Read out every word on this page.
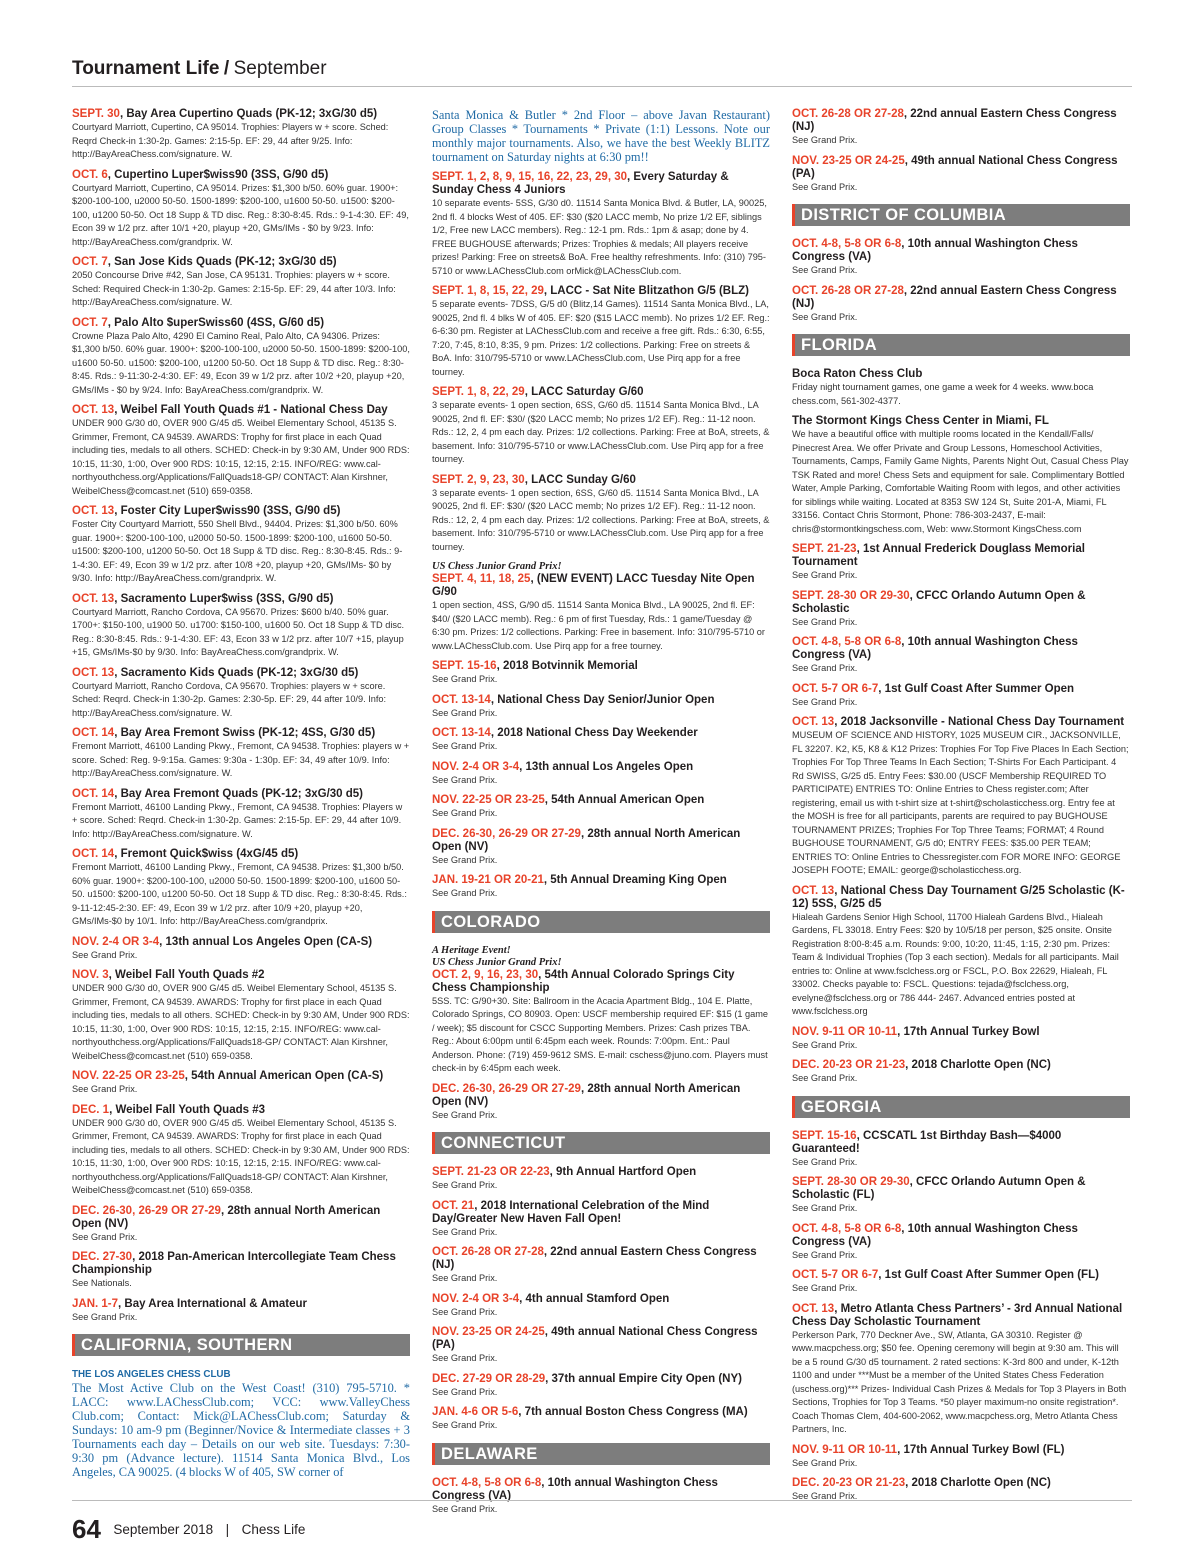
Tournament Life / September
SEPT. 30, Bay Area Cupertino Quads (PK-12; 3xG/30 d5)
Courtyard Marriott, Cupertino, CA 95014. Trophies: Players w + score. Sched: Reqrd Check-in 1:30-2p. Games: 2:15-5p. EF: 29, 44 after 9/25. Info: http://BayAreaChess.com/signature. W.
OCT. 6, Cupertino Luper$wiss90 (3SS, G/90 d5)
Courtyard Marriott, Cupertino, CA 95014. Prizes: $1,300 b/50. 60% guar. 1900+: $200-100-100, u2000 50-50. 1500-1899: $200-100, u1600 50-50. u1500: $200-100, u1200 50-50. Oct 18 Supp & TD disc. Reg.: 8:30-8:45. Rds.: 9-1-4:30. EF: 49, Econ 39 w 1/2 prz. after 10/1 +20, playup +20, GMs/IMs - $0 by 9/23. Info: http://BayAreaChess.com/grandprix. W.
OCT. 7, San Jose Kids Quads (PK-12; 3xG/30 d5)
2050 Concourse Drive #42, San Jose, CA 95131. Trophies: players w + score. Sched: Required Check-in 1:30-2p. Games: 2:15-5p. EF: 29, 44 after 10/3. Info: http://BayAreaChess.com/signature. W.
OCT. 7, Palo Alto $uperSwiss60 (4SS, G/60 d5)
Crowne Plaza Palo Alto, 4290 El Camino Real, Palo Alto, CA 94306. Prizes: $1,300 b/50. 60% guar. 1900+: $200-100-100, u2000 50-50. 1500-1899: $200-100, u1600 50-50. u1500: $200-100, u1200 50-50. Oct 18 Supp & TD disc. Reg.: 8:30-8:45. Rds.: 9-11:30-2-4:30. EF: 49, Econ 39 w 1/2 prz. after 10/2 +20, playup +20, GMs/IMs - $0 by 9/24. Info: BayAreaChess.com/grandprix. W.
OCT. 13, Weibel Fall Youth Quads #1 - National Chess Day
UNDER 900 G/30 d0, OVER 900 G/45 d5. Weibel Elementary School, 45135 S. Grimmer, Fremont, CA 94539. AWARDS: Trophy for first place in each Quad including ties, medals to all others. SCHED: Check-in by 9:30 AM, Under 900 RDS: 10:15, 11:30, 1:00, Over 900 RDS: 10:15, 12:15, 2:15. INFO/REG: www.cal-northyouthchess.org/Applications/FallQuads18-GP/ CONTACT: Alan Kirshner, WeibelChess@comcast.net (510) 659-0358.
OCT. 13, Foster City Luper$wiss90 (3SS, G/90 d5)
Foster City Courtyard Marriott, 550 Shell Blvd., 94404. Prizes: $1,300 b/50. 60% guar. 1900+: $200-100-100, u2000 50-50. 1500-1899: $200-100, u1600 50-50. u1500: $200-100, u1200 50-50. Oct 18 Supp & TD disc. Reg.: 8:30-8:45. Rds.: 9-1-4:30. EF: 49, Econ 39 w 1/2 prz. after 10/8 +20, playup +20, GMs/IMs- $0 by 9/30. Info: http://BayAreaChess.com/grandprix. W.
OCT. 13, Sacramento Luper$wiss (3SS, G/90 d5)
Courtyard Marriott, Rancho Cordova, CA 95670. Prizes: $600 b/40. 50% guar. 1700+: $150-100, u1900 50. u1700: $150-100, u1600 50. Oct 18 Supp & TD disc. Reg.: 8:30-8:45. Rds.: 9-1-4:30. EF: 43, Econ 33 w 1/2 prz. after 10/7 +15, playup +15, GMs/IMs-$0 by 9/30. Info: BayAreaChess.com/grandprix. W.
OCT. 13, Sacramento Kids Quads (PK-12; 3xG/30 d5)
Courtyard Marriott, Rancho Cordova, CA 95670. Trophies: players w + score. Sched: Reqrd. Check-in 1:30-2p. Games: 2:30-5p. EF: 29, 44 after 10/9. Info: http://BayAreaChess.com/signature. W.
OCT. 14, Bay Area Fremont Swiss (PK-12; 4SS, G/30 d5)
Fremont Marriott, 46100 Landing Pkwy., Fremont, CA 94538. Trophies: players w + score. Sched: Reg. 9-9:15a. Games: 9:30a - 1:30p. EF: 34, 49 after 10/9. Info: http://BayAreaChess.com/signature. W.
OCT. 14, Bay Area Fremont Quads (PK-12; 3xG/30 d5)
Fremont Marriott, 46100 Landing Pkwy., Fremont, CA 94538. Trophies: Players w + score. Sched: Reqrd. Check-in 1:30-2p. Games: 2:15-5p. EF: 29, 44 after 10/9. Info: http://BayAreaChess.com/signature. W.
OCT. 14, Fremont Quick$wiss (4xG/45 d5)
Fremont Marriott, 46100 Landing Pkwy., Fremont, CA 94538. Prizes: $1,300 b/50. 60% guar. 1900+: $200-100-100, u2000 50-50. 1500-1899: $200-100, u1600 50-50. u1500: $200-100, u1200 50-50. Oct 18 Supp & TD disc. Reg.: 8:30-8:45. Rds.: 9-11-12:45-2:30. EF: 49, Econ 39 w 1/2 prz. after 10/9 +20, playup +20, GMs/IMs-$0 by 10/1. Info: http://BayAreaChess.com/grandprix.
NOV. 2-4 OR 3-4, 13th annual Los Angeles Open (CA-S)
See Grand Prix.
NOV. 3, Weibel Fall Youth Quads #2
UNDER 900 G/30 d0, OVER 900 G/45 d5. Weibel Elementary School, 45135 S. Grimmer, Fremont, CA 94539. AWARDS: Trophy for first place in each Quad including ties, medals to all others. SCHED: Check-in by 9:30 AM, Under 900 RDS: 10:15, 11:30, 1:00, Over 900 RDS: 10:15, 12:15, 2:15. INFO/REG: www.cal-northyouthchess.org/Applications/FallQuads18-GP/ CONTACT: Alan Kirshner, WeibelChess@comcast.net (510) 659-0358.
NOV. 22-25 OR 23-25, 54th Annual American Open (CA-S)
See Grand Prix.
DEC. 1, Weibel Fall Youth Quads #3
UNDER 900 G/30 d0, OVER 900 G/45 d5. Weibel Elementary School, 45135 S. Grimmer, Fremont, CA 94539. AWARDS: Trophy for first place in each Quad including ties, medals to all others. SCHED: Check-in by 9:30 AM, Under 900 RDS: 10:15, 11:30, 1:00, Over 900 RDS: 10:15, 12:15, 2:15. INFO/REG: www.cal-northyouthchess.org/Applications/FallQuads18-GP/ CONTACT: Alan Kirshner, WeibelChess@comcast.net (510) 659-0358.
DEC. 26-30, 26-29 OR 27-29, 28th annual North American Open (NV)
See Grand Prix.
DEC. 27-30, 2018 Pan-American Intercollegiate Team Chess Championship
See Nationals.
JAN. 1-7, Bay Area International & Amateur
See Grand Prix.
CALIFORNIA, SOUTHERN
THE LOS ANGELES CHESS CLUB
The Most Active Club on the West Coast! (310) 795-5710. * LACC: www.LAChessClub.com; VCC: www.ValleyChess Club.com; Contact: Mick@LAChessClub.com; Saturday & Sundays: 10 am-9 pm (Beginner/Novice & Intermediate classes + 3 Tournaments each day – Details on our web site. Tuesdays: 7:30-9:30 pm (Advance lecture). 11514 Santa Monica Blvd., Los Angeles, CA 90025. (4 blocks W of 405, SW corner of
Santa Monica & Butler * 2nd Floor – above Javan Restaurant) Group Classes * Tournaments * Private (1:1) Lessons. Note our monthly major tournaments. Also, we have the best Weekly BLITZ tournament on Saturday nights at 6:30 pm!!
SEPT. 1, 2, 8, 9, 15, 16, 22, 23, 29, 30, Every Saturday & Sunday Chess 4 Juniors
10 separate events- 5SS, G/30 d0. 11514 Santa Monica Blvd. & Butler, LA, 90025, 2nd fl. 4 blocks West of 405. EF: $30 ($20 LACC memb, No prize 1/2 EF, siblings 1/2, Free new LACC members). Reg.: 12-1 pm. Rds.: 1pm & asap; done by 4. FREE BUGHOUSE afterwards; Prizes: Trophies & medals; All players receive prizes! Parking: Free on streets& BoA. Free healthy refreshments. Info: (310) 795-5710 or www.LAChessClub.com orMick@LAChessClub.com.
SEPT. 1, 8, 15, 22, 29, LACC - Sat Nite Blitzathon G/5 (BLZ)
5 separate events- 7DSS, G/5 d0 (Blitz,14 Games). 11514 Santa Monica Blvd., LA, 90025, 2nd fl. 4 blks W of 405. EF: $20 ($15 LACC memb). No prizes 1/2 EF. Reg.: 6-6:30 pm. Register at LAChessClub.com and receive a free gift. Rds.: 6:30, 6:55, 7:20, 7:45, 8:10, 8:35, 9 pm. Prizes: 1/2 collections. Parking: Free on streets & BoA. Info: 310/795-5710 or www.LAChessClub.com, Use Pirq app for a free tourney.
SEPT. 1, 8, 22, 29, LACC Saturday G/60
3 separate events- 1 open section, 6SS, G/60 d5. 11514 Santa Monica Blvd., LA 90025, 2nd fl. EF: $30/ ($20 LACC memb; No prizes 1/2 EF). Reg.: 11-12 noon. Rds.: 12, 2, 4 pm each day. Prizes: 1/2 collections. Parking: Free at BoA, streets, & basement. Info: 310/795-5710 or www.LAChessClub.com. Use Pirq app for a free tourney.
SEPT. 2, 9, 23, 30, LACC Sunday G/60
3 separate events- 1 open section, 6SS, G/60 d5. 11514 Santa Monica Blvd., LA 90025, 2nd fl. EF: $30/ ($20 LACC memb; No prizes 1/2 EF). Reg.: 11-12 noon. Rds.: 12, 2, 4 pm each day. Prizes: 1/2 collections. Parking: Free at BoA, streets, & basement. Info: 310/795-5710 or www.LAChessClub.com. Use Pirq app for a free tourney.
US Chess Junior Grand Prix!
SEPT. 4, 11, 18, 25, (NEW EVENT) LACC Tuesday Nite Open G/90
1 open section, 4SS, G/90 d5. 11514 Santa Monica Blvd., LA 90025, 2nd fl. EF: $40/ ($20 LACC memb). Reg.: 6 pm of first Tuesday, Rds.: 1 game/Tuesday @ 6:30 pm. Prizes: 1/2 collections. Parking: Free in basement. Info: 310/795-5710 or www.LAChessClub.com. Use Pirq app for a free tourney.
SEPT. 15-16, 2018 Botvinnik Memorial
See Grand Prix.
OCT. 13-14, National Chess Day Senior/Junior Open
See Grand Prix.
OCT. 13-14, 2018 National Chess Day Weekender
See Grand Prix.
NOV. 2-4 OR 3-4, 13th annual Los Angeles Open
See Grand Prix.
NOV. 22-25 OR 23-25, 54th Annual American Open
See Grand Prix.
DEC. 26-30, 26-29 OR 27-29, 28th annual North American Open (NV)
See Grand Prix.
JAN. 19-21 OR 20-21, 5th Annual Dreaming King Open
See Grand Prix.
COLORADO
A Heritage Event!
US Chess Junior Grand Prix!
OCT. 2, 9, 16, 23, 30, 54th Annual Colorado Springs City Chess Championship
5SS. TC: G/90+30. Site: Ballroom in the Acacia Apartment Bldg., 104 E. Platte, Colorado Springs, CO 80903. Open: USCF membership required EF: $15 (1 game / week); $5 discount for CSCC Supporting Members. Prizes: Cash prizes TBA. Reg.: About 6:00pm until 6:45pm each week. Rounds: 7:00pm. Ent.: Paul Anderson. Phone: (719) 459-9612 SMS. E-mail: cschess@juno.com. Players must check-in by 6:45pm each week.
DEC. 26-30, 26-29 OR 27-29, 28th annual North American Open (NV)
See Grand Prix.
CONNECTICUT
SEPT. 21-23 OR 22-23, 9th Annual Hartford Open
See Grand Prix.
OCT. 21, 2018 International Celebration of the Mind Day/Greater New Haven Fall Open!
See Grand Prix.
OCT. 26-28 OR 27-28, 22nd annual Eastern Chess Congress (NJ)
See Grand Prix.
NOV. 2-4 OR 3-4, 4th annual Stamford Open
See Grand Prix.
NOV. 23-25 OR 24-25, 49th annual National Chess Congress (PA)
See Grand Prix.
DEC. 27-29 OR 28-29, 37th annual Empire City Open (NY)
See Grand Prix.
JAN. 4-6 OR 5-6, 7th annual Boston Chess Congress (MA)
See Grand Prix.
DELAWARE
OCT. 4-8, 5-8 OR 6-8, 10th annual Washington Chess Congress (VA)
See Grand Prix.
OCT. 26-28 OR 27-28, 22nd annual Eastern Chess Congress (NJ)
See Grand Prix.
NOV. 23-25 OR 24-25, 49th annual National Chess Congress (PA)
See Grand Prix.
DISTRICT OF COLUMBIA
OCT. 4-8, 5-8 OR 6-8, 10th annual Washington Chess Congress (VA)
See Grand Prix.
OCT. 26-28 OR 27-28, 22nd annual Eastern Chess Congress (NJ)
See Grand Prix.
FLORIDA
Boca Raton Chess Club
Friday night tournament games, one game a week for 4 weeks. www.boca chess.com, 561-302-4377.
The Stormont Kings Chess Center in Miami, FL
We have a beautiful office with multiple rooms located in the Kendall/Falls/ Pinecrest Area. We offer Private and Group Lessons, Homeschool Activities, Tournaments, Camps, Family Game Nights, Parents Night Out, Casual Chess Play TSK Rated and more! Chess Sets and equipment for sale. Complimentary Bottled Water, Ample Parking, Comfortable Waiting Room with legos, and other activities for siblings while waiting. Located at 8353 SW 124 St, Suite 201-A, Miami, FL 33156. Contact Chris Stormont, Phone: 786-303-2437, E-mail: chris@stormontkingschess.com, Web: www.Stormont KingsChess.com
SEPT. 21-23, 1st Annual Frederick Douglass Memorial Tournament
See Grand Prix.
SEPT. 28-30 OR 29-30, CFCC Orlando Autumn Open & Scholastic
See Grand Prix.
OCT. 4-8, 5-8 OR 6-8, 10th annual Washington Chess Congress (VA)
See Grand Prix.
OCT. 5-7 OR 6-7, 1st Gulf Coast After Summer Open
See Grand Prix.
OCT. 13, 2018 Jacksonville - National Chess Day Tournament
MUSEUM OF SCIENCE AND HISTORY, 1025 MUSEUM CIR., JACKSONVILLE, FL 32207. K2, K5, K8 & K12 Prizes: Trophies For Top Five Places In Each Section; Trophies For Top Three Teams In Each Section; T-Shirts For Each Participant. 4 Rd SWISS, G/25 d5. Entry Fees: $30.00 (USCF Membership REQUIRED TO PARTICIPATE) ENTRIES TO: Online Entries to Chess register.com; After registering, email us with t-shirt size at t-shirt@scholasticchess.org. Entry fee at the MOSH is free for all participants, parents are required to pay BUGHOUSE TOURNAMENT PRIZES; Trophies For Top Three Teams; FORMAT; 4 Round BUGHOUSE TOURNAMENT, G/5 d0; ENTRY FEES: $35.00 PER TEAM; ENTRIES TO: Online Entries to Chessregister.com FOR MORE INFO: GEORGE JOSEPH FOOTE; EMAIL: george@scholasticchess.org.
OCT. 13, National Chess Day Tournament G/25 Scholastic (K-12) 5SS, G/25 d5
Hialeah Gardens Senior High School, 11700 Hialeah Gardens Blvd., Hialeah Gardens, FL 33018. Entry Fees: $20 by 10/5/18 per person, $25 onsite. Onsite Registration 8:00-8:45 a.m. Rounds: 9:00, 10:20, 11:45, 1:15, 2:30 pm. Prizes: Team & Individual Trophies (Top 3 each section). Medals for all participants. Mail entries to: Online at www.fsclchess.org or FSCL, P.O. Box 22629, Hialeah, FL 33002. Checks payable to: FSCL. Questions: tejada@fsclchess.org, evelyne@fsclchess.org or 786 444- 2467. Advanced entries posted at www.fsclchess.org
NOV. 9-11 OR 10-11, 17th Annual Turkey Bowl
See Grand Prix.
DEC. 20-23 OR 21-23, 2018 Charlotte Open (NC)
See Grand Prix.
GEORGIA
SEPT. 15-16, CCSCATL 1st Birthday Bash—$4000 Guaranteed!
See Grand Prix.
SEPT. 28-30 OR 29-30, CFCC Orlando Autumn Open & Scholastic (FL)
See Grand Prix.
OCT. 4-8, 5-8 OR 6-8, 10th annual Washington Chess Congress (VA)
See Grand Prix.
OCT. 5-7 OR 6-7, 1st Gulf Coast After Summer Open (FL)
See Grand Prix.
OCT. 13, Metro Atlanta Chess Partners’ - 3rd Annual National Chess Day Scholastic Tournament
Perkerson Park, 770 Deckner Ave., SW, Atlanta, GA 30310. Register @ www.macpchess.org; $50 fee. Opening ceremony will begin at 9:30 am. This will be a 5 round G/30 d5 tournament. 2 rated sections: K-3rd 800 and under, K-12th 1100 and under ***Must be a member of the United States Chess Federation (uschess.org)*** Prizes- Individual Cash Prizes & Medals for Top 3 Players in Both Sections, Trophies for Top 3 Teams. *50 player maximum-no onsite registration*. Coach Thomas Clem, 404-600-2062, www.macpchess.org, Metro Atlanta Chess Partners, Inc.
NOV. 9-11 OR 10-11, 17th Annual Turkey Bowl (FL)
See Grand Prix.
DEC. 20-23 OR 21-23, 2018 Charlotte Open (NC)
See Grand Prix.
64 September 2018 | Chess Life
